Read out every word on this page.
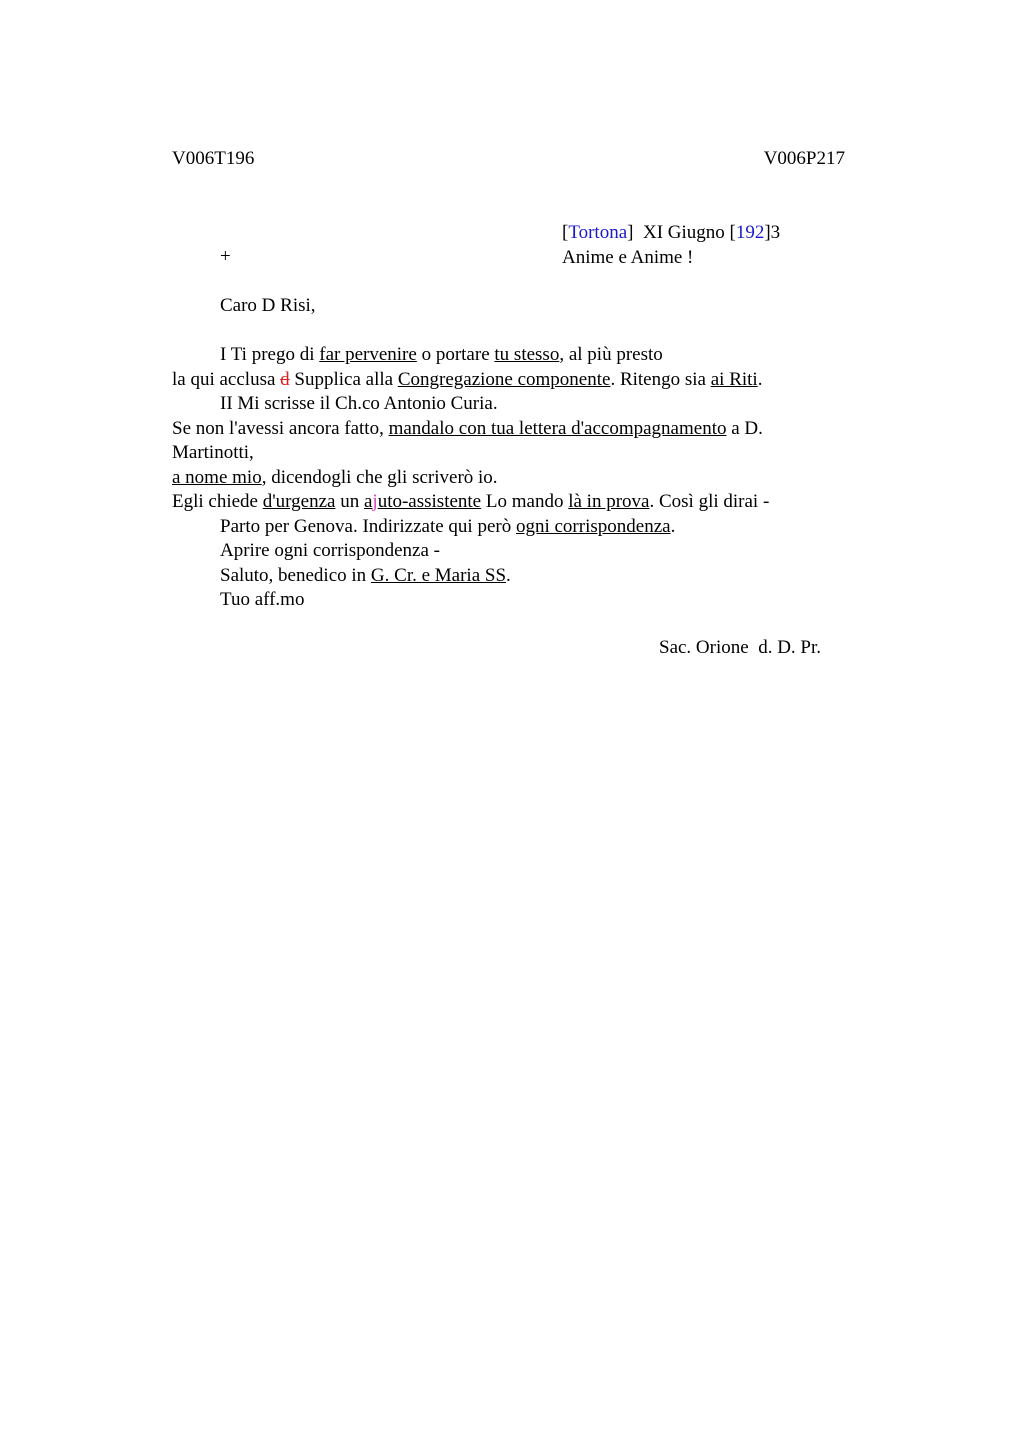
V006T196	V006P217
[Tortona]  XI Giugno [192]3
Anime e Anime !
+
Caro D Risi,
I Ti prego di far pervenire o portare tu stesso, al più presto
la qui acclusa d Supplica alla Congregazione componente. Ritengo sia ai Riti.
II Mi scrisse il Ch.co Antonio Curia.
Se non l'avessi ancora fatto, mandalo con tua lettera d'accompagnamento a D.
Martinotti,
a nome mio, dicendogli che gli scriverò io.
Egli chiede d'urgenza un ajuto-assistente Lo mando là in prova. Così gli dirai -
Parto per Genova. Indirizzate qui però ogni corrispondenza.
Aprire ogni corrispondenza -
Saluto, benedico in G. Cr. e Maria SS.
Tuo aff.mo
Sac. Orione  d. D. Pr.
